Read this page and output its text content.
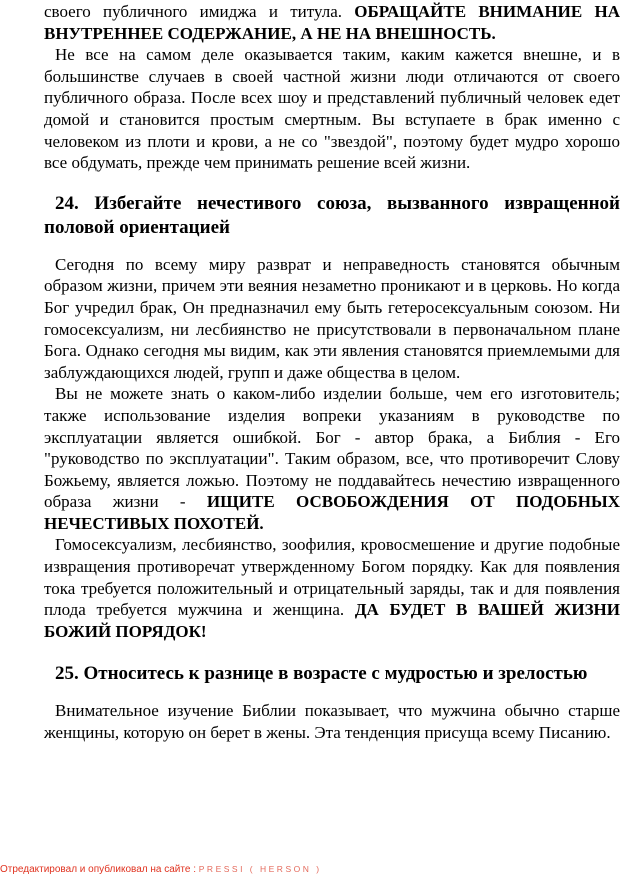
своего публичного имиджа и титула. ОБРАЩАЙТЕ ВНИМАНИЕ НА ВНУТРЕННЕЕ СОДЕРЖАНИЕ, А НЕ НА ВНЕШНОСТЬ.

Не все на самом деле оказывается таким, каким кажется внешне, и в большинстве случаев в своей частной жизни люди отличаются от своего публичного образа. После всех шоу и представлений публичный человек едет домой и становится простым смертным. Вы вступаете в брак именно с человеком из плоти и крови, а не со "звездой", поэтому будет мудро хорошо все обдумать, прежде чем принимать решение всей жизни.

24. Избегайте нечестивого союза, вызванного извращенной половой ориентацией

Сегодня по всему миру разврат и неправедность становятся обычным образом жизни, причем эти веяния незаметно проникают и в церковь. Но когда Бог учредил брак, Он предназначил ему быть гетеросексуальным союзом. Ни гомосексуализм, ни лесбиянство не присутствовали в первоначальном плане Бога. Однако сегодня мы видим, как эти явления становятся приемлемыми для заблуждающихся людей, групп и даже общества в целом.

Вы не можете знать о каком-либо изделии больше, чем его изготовитель; также использование изделия вопреки указаниям в руководстве по эксплуатации является ошибкой. Бог - автор брака, а Библия - Его "руководство по эксплуатации". Таким образом, все, что противоречит Слову Божьему, является ложью. Поэтому не поддавайтесь нечестию извращенного образа жизни - ИЩИТЕ ОСВОБОЖДЕНИЯ ОТ ПОДОБНЫХ НЕЧЕСТИВЫХ ПОХОТЕЙ.

Гомосексуализм, лесбиянство, зоофилия, кровосмешение и другие подобные извращения противоречат утвержденному Богом порядку. Как для появления тока требуется положительный и отрицательный заряды, так и для появления плода требуется мужчина и женщина. ДА БУДЕТ В ВАШЕЙ ЖИЗНИ БОЖИЙ ПОРЯДОК!

25. Относитесь к разнице в возрасте с мудростью и зрелостью

Внимательное изучение Библии показывает, что мужчина обычно старше женщины, которую он берет в жены. Эта тенденция присуща всему Писанию.

Отредактировал и опубликовал на сайте : PRESSI ( HERSON )
